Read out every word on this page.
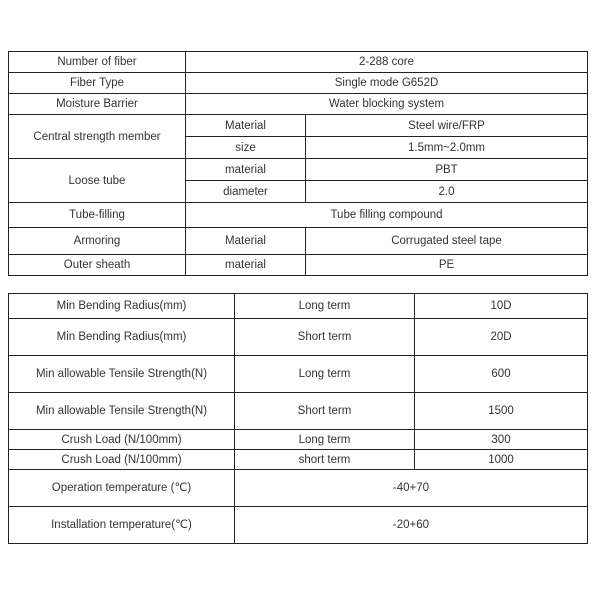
Number of fiber	2-288 core	
Fiber Type	Single mode G652D	
Moisture Barrier	Water blocking system	
Central strength member	Material	Steel wire/FRP
	size	1.5mm~2.0mm
Loose tube	material	PBT
	diameter	2.0
Tube-filling	Tube filling compound	
Armoring	Material	Corrugated steel tape
Outer sheath	material	PE
Min Bending Radius(mm)	Long term	10D
Min Bending Radius(mm)	Short term	20D
Min allowable Tensile Strength(N)	Long term	600
Min allowable Tensile Strength(N)	Short term	1500
Crush Load (N/100mm)	Long term	300
Crush Load (N/100mm)	short term	1000
Operation temperature (℃)	-40+70	
Installation temperature(℃)	-20+60	
